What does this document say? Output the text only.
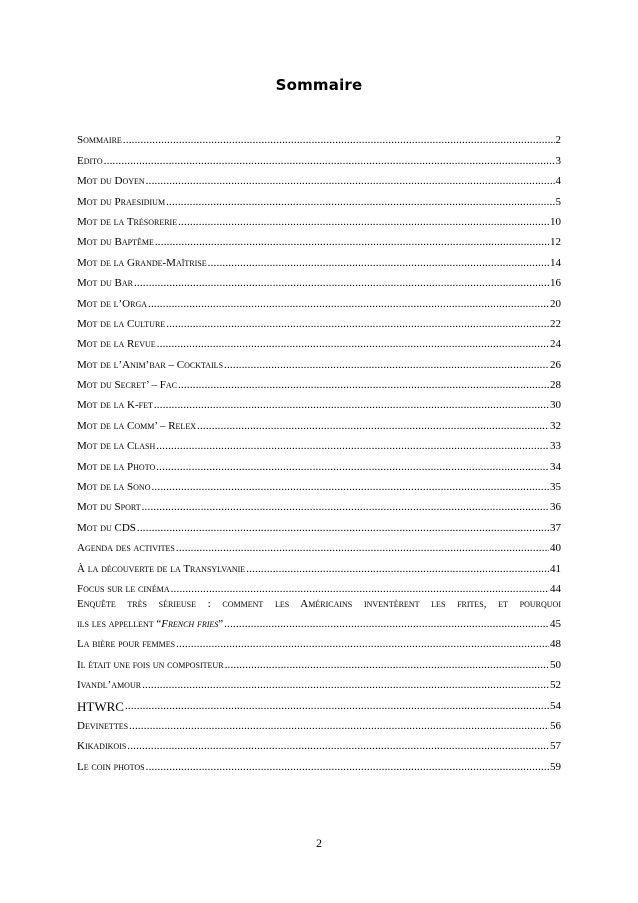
Sommaire
Sommaire .....	2
Edito .....	3
Mot du Doyen .....	4
Mot du Praesidium .....	5
Mot de la Trésorerie .....	10
Mot du Baptême .....	12
Mot de la Grande-Maîtrise .....	14
Mot du Bar .....	16
Mot de l’Orga .....	20
Mot de la Culture .....	22
Mot de la Revue .....	24
Mot de l’Anim’bar – Cocktails .....	26
Mot du Secret’ – Fac .....	28
Mot de la K-fet .....	30
Mot de la Comm’ – Relex .....	32
Mot de la Clash .....	33
Mot de la Photo .....	34
Mot de la Sono .....	35
Mot du Sport .....	36
Mot du CDS .....	37
Agenda des activites .....	40
À la découverte de la Transylvanie .....	41
Focus sur le cinéma .....	44
Enquête très sérieuse : comment les Américains inventèrent les frites, et pourquoi
ils les appellent “ French fries ” .....	45
La bière pour femmes .....	48
Il était une fois un compositeur .....	50
Ivandl’amour .....	52
HTWRC .....	54
Devinettes .....	56
Kikadikois .....	57
Le coin photos .....	59
2
